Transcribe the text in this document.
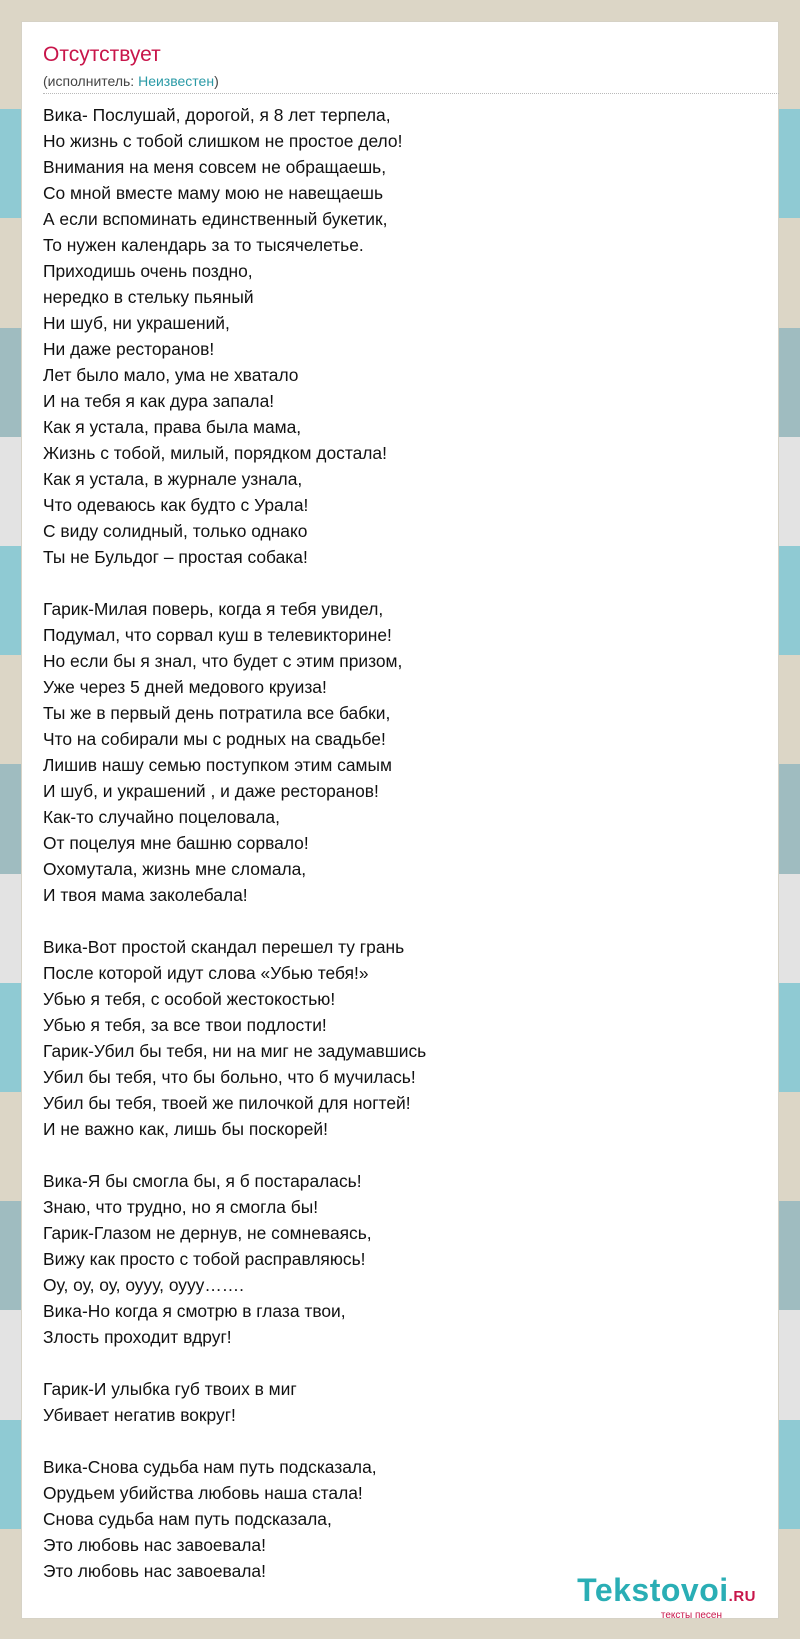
Отсутствует
(исполнитель: Неизвестен)
Вика- Послушай, дорогой, я 8 лет терпела,
Но жизнь с тобой слишком не простое дело!
Внимания на меня совсем не обращаешь,
Со мной вместе маму мою не навещаешь
А если вспоминать единственный букетик,
То нужен календарь за то тысячелетье.
Приходишь очень поздно,
нередко в стельку пьяный
Ни шуб, ни украшений,
Ни даже ресторанов!
Лет было мало, ума не хватало
И на тебя я как дура запала!
Как я устала, права была мама,
Жизнь с тобой, милый, порядком достала!
Как я устала, в журнале узнала,
Что одеваюсь как будто с Урала!
С виду солидный, только однако
Ты не Бульдог – простая собака!
Гарик-Милая поверь, когда я тебя увидел,
Подумал, что сорвал куш в телевикторине!
Но если бы я знал, что будет с этим призом,
Уже через 5 дней медового круиза!
Ты же в первый день потратила все бабки,
Что на собирали мы с родных на свадьбе!
Лишив нашу семью поступком этим самым
И шуб, и украшений , и даже ресторанов!
Как-то случайно поцеловала,
От поцелуя мне башню сорвало!
Охомутала, жизнь мне сломала,
И твоя мама заколебала!
Вика-Вот простой скандал перешел ту грань
После которой идут слова «Убью тебя!»
Убью я тебя, с особой жестокостью!
Убью я тебя, за все твои подлости!
Гарик-Убил бы тебя, ни на миг не задумавшись
Убил бы тебя, что бы больно, что б мучилась!
Убил бы тебя, твоей же пилочкой для ногтей!
И не важно как, лишь бы поскорей!
Вика-Я бы смогла бы, я б постаралась!
Знаю, что трудно, но я смогла бы!
Гарик-Глазом не дернув, не сомневаясь,
Вижу как просто с тобой расправляюсь!
Оу, оу, оу, оууу, оууу…….
Вика-Но когда я смотрю в глаза твои,
Злость проходит вдруг!
Гарик-И улыбка губ твоих в миг
Убивает негатив вокруг!
Вика-Снова судьба нам путь подсказала,
Орудьем убийства любовь наша стала!
Снова судьба нам путь подсказала,
Это любовь нас завоевала!
Это любовь нас завоевала!
Tekstovoi.RU
тексты песен
